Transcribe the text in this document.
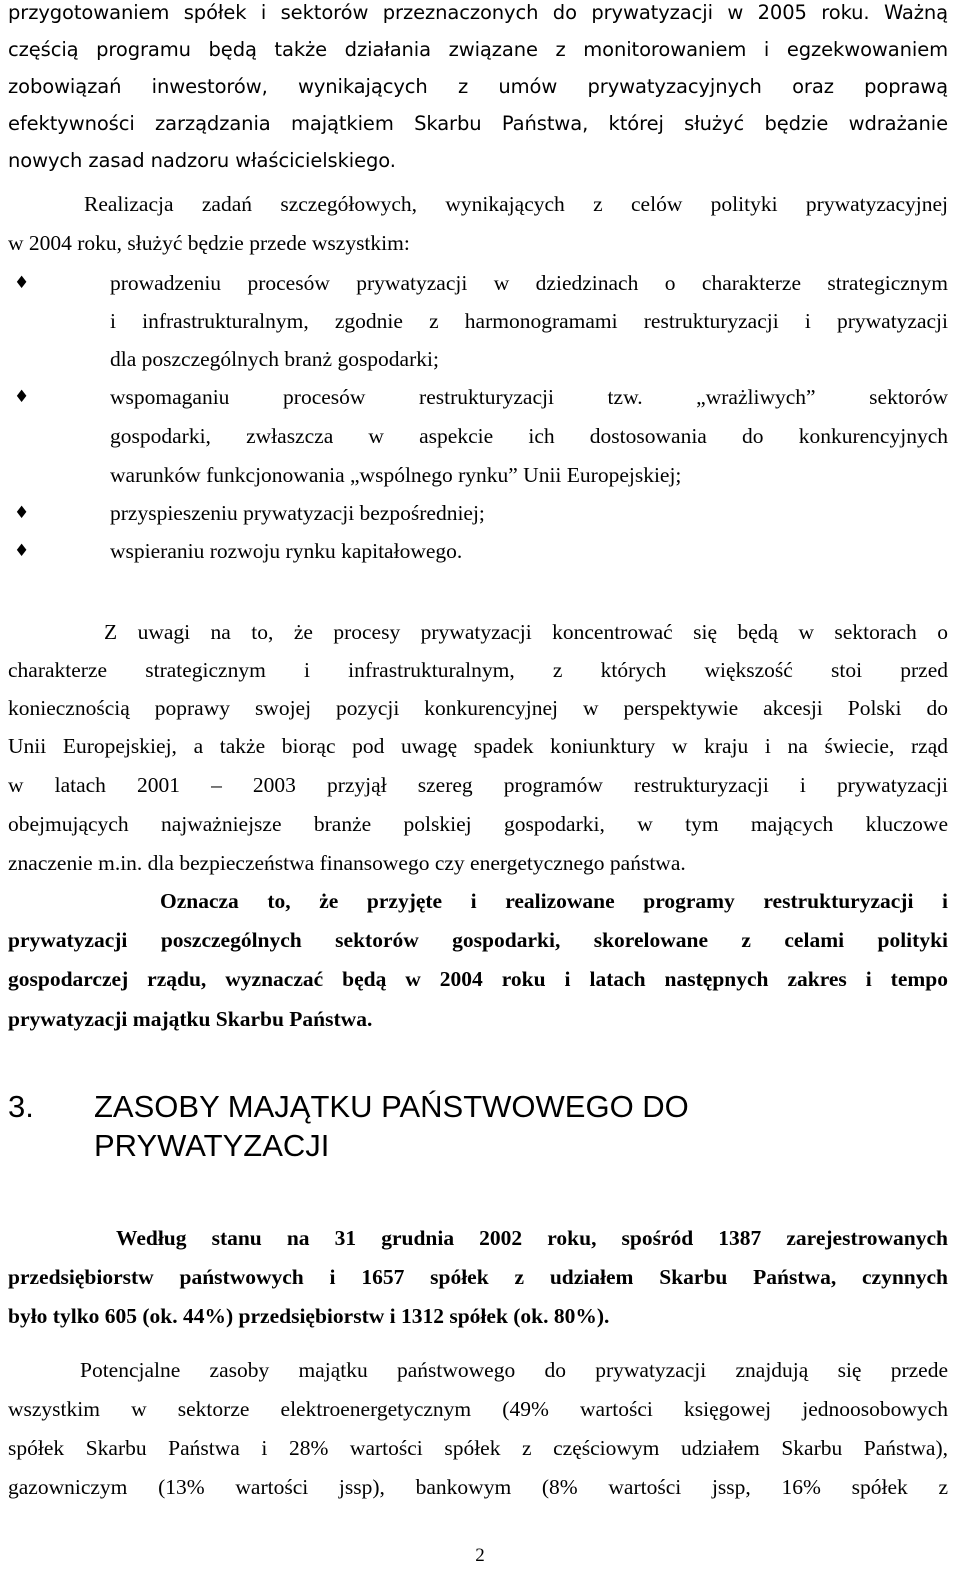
przygotowaniem spółek i sektorów przeznaczonych do prywatyzacji w 2005 roku. Ważną
częścią programu będą także działania związane z monitorowaniem i egzekwowaniem
zobowiązań inwestorów, wynikających z umów prywatyzacyjnych oraz poprawą
efektywności zarządzania majątkiem Skarbu Państwa, której służyć będzie wdrażanie
nowych zasad nadzoru właścicielskiego.
Realizacja zadań szczegółowych, wynikających z celów polityki prywatyzacyjnej
w 2004 roku, służyć będzie przede wszystkim:
♦	prowadzeniu procesów prywatyzacji w dziedzinach o charakterze strategicznym
i infrastrukturalnym, zgodnie z harmonogramami restrukturyzacji i prywatyzacji
dla poszczególnych branż gospodarki;
♦	wspomaganiu procesów restrukturyzacji tzw. „wrażliwych” sektorów
gospodarki, zwłaszcza w aspekcie ich dostosowania do konkurencyjnych
warunków funkcjonowania „wspólnego rynku” Unii Europejskiej;
♦	przyspieszeniu prywatyzacji bezpośredniej;
♦	wspieraniu rozwoju rynku kapitałowego.
Z uwagi na to, że procesy prywatyzacji koncentrować się będą w sektorach o
charakterze strategicznym i infrastrukturalnym, z których większość stoi przed
koniecznością poprawy swojej pozycji konkurencyjnej w perspektywie akcesji Polski do
Unii Europejskiej, a także biorąc pod uwagę spadek koniunktury w kraju i na świecie, rząd
w latach 2001 – 2003 przyjął szereg programów restrukturyzacji i prywatyzacji
obejmujących najważniejsze branże polskiej gospodarki, w tym mających kluczowe
znaczenie m.in. dla bezpieczeństwa finansowego czy energetycznego państwa.
Oznacza to, że przyjęte i realizowane programy restrukturyzacji i
prywatyzacji poszczególnych sektorów gospodarki, skorelowane z celami polityki
gospodarczej rządu, wyznaczać będą w 2004 roku i latach następnych zakres i tempo
prywatyzacji majątku Skarbu Państwa.
3. ZASOBY MAJĄTKU PAŃSTWOWEGO DO
PRYWATYZACJI
Według stanu na 31 grudnia 2002 roku, spośród 1387 zarejestrowanych
przedsiębiorstw państwowych i 1657 spółek z udziałem Skarbu Państwa, czynnych
było tylko 605 (ok. 44%) przedsiębiorstw i 1312 spółek (ok. 80%).
Potencjalne zasoby majątku państwowego do prywatyzacji znajdują się przede
wszystkim w sektorze elektroenergetycznym (49% wartości księgowej jednoosobowych
spółek Skarbu Państwa i 28% wartości spółek z częściowym udziałem Skarbu Państwa),
gazowniczym (13% wartości jssp), bankowym (8% wartości jssp, 16% spółek z
2
